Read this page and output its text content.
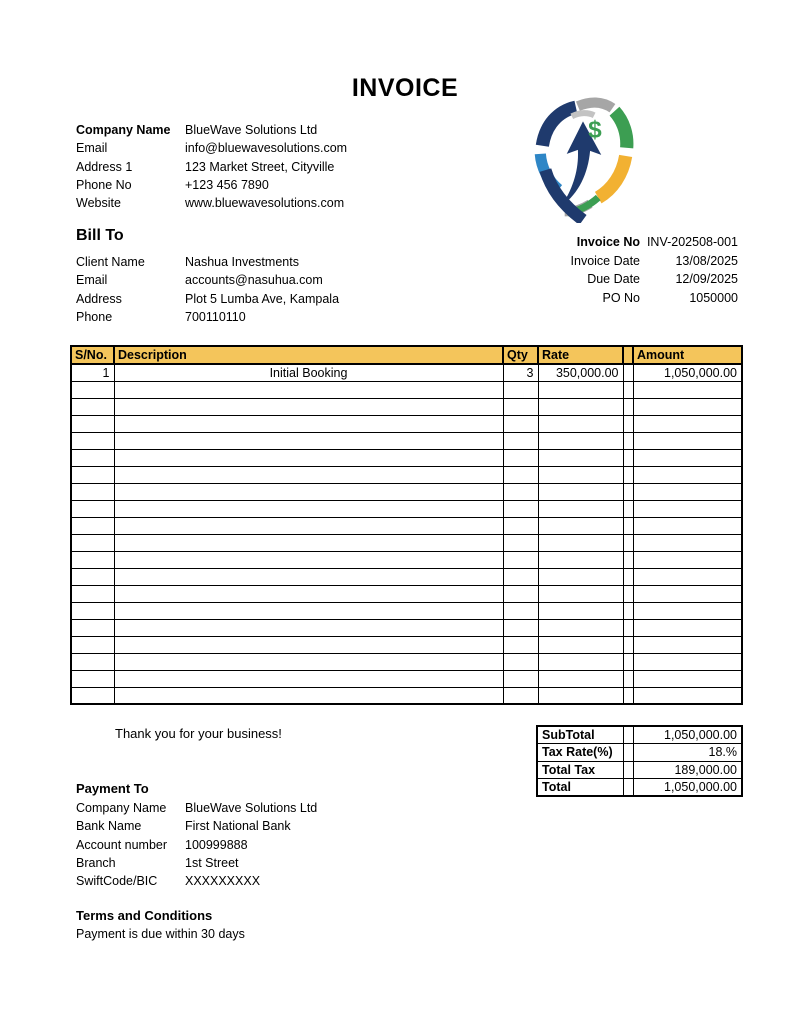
INVOICE
Company Name	BlueWave Solutions Ltd
Email	info@bluewavesolutions.com
Address 1	123 Market Street, Cityville
Phone No	+123 456 7890
Website	www.bluewavesolutions.com
$
Bill To
Client Name	Nashua Investments
Email	accounts@nasuhua.com
Address	Plot 5 Lumba Ave, Kampala
Phone	700110110
Invoice No INV-202508-001
Invoice Date	13/08/2025
Due Date	12/09/2025
PO No	1050000
S/No.	Description	Qty	Rate		Amount
1	Initial Booking	3	350,000.00		1,050,000.00

Thank you for your business!	SubTotal		1,050,000.00
Tax Rate(%)		18.%
Total Tax		189,000.00
Total		1,050,000.00
Payment To
Company Name	BlueWave Solutions Ltd
Bank Name	First National Bank
Account number	100999888
Branch	1st Street
SwiftCode/BIC	XXXXXXXXX
Terms and Conditions
Payment is due within 30 days
